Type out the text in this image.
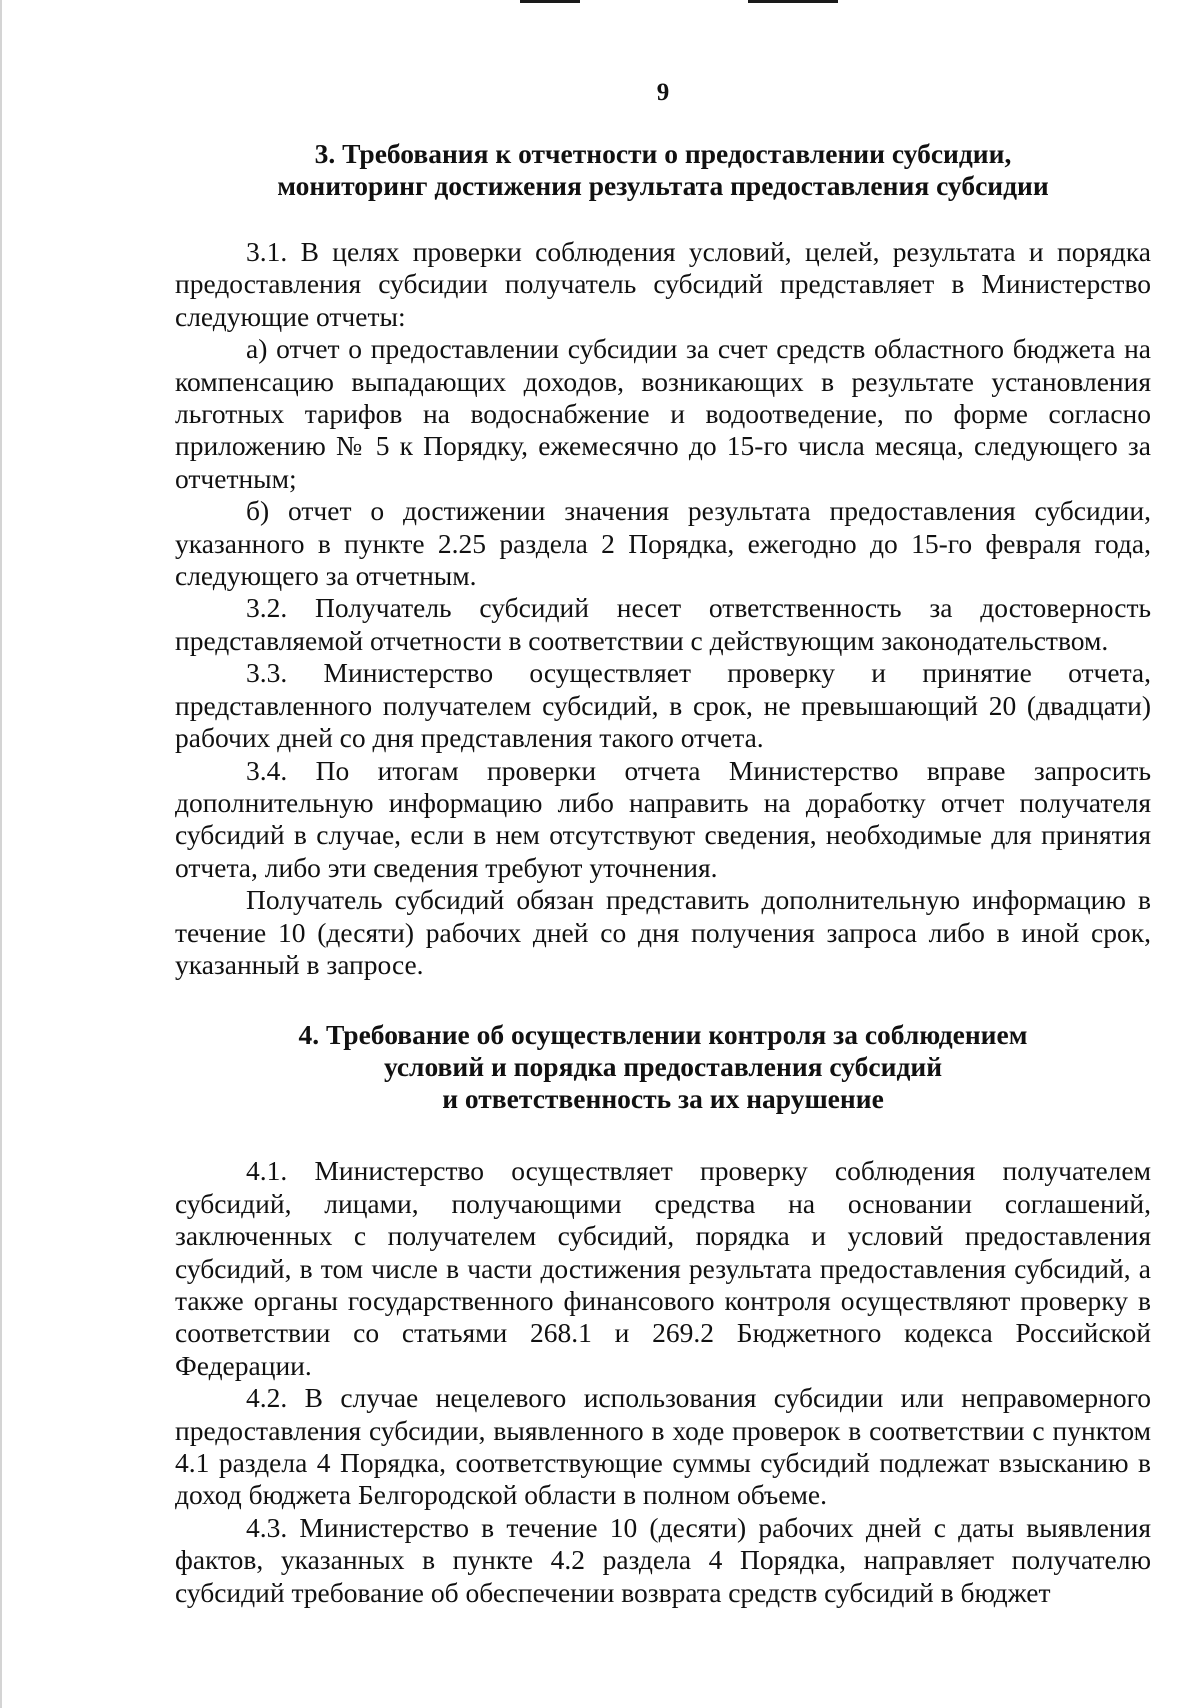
9
3. Требования к отчетности о предоставлении субсидии,
мониторинг достижения результата предоставления субсидии

3.1. В целях проверки соблюдения условий, целей, результата и порядка предоставления субсидии получатель субсидий представляет в Министерство следующие отчеты:

а) отчет о предоставлении субсидии за счет средств областного бюджета на компенсацию выпадающих доходов, возникающих в результате установления льготных тарифов на водоснабжение и водоотведение, по форме согласно приложению № 5 к Порядку, ежемесячно до 15-го числа месяца, следующего за отчетным;

б) отчет о достижении значения результата предоставления субсидии, указанного в пункте 2.25 раздела 2 Порядка, ежегодно до 15-го февраля года, следующего за отчетным.

3.2. Получатель субсидий несет ответственность за достоверность представляемой отчетности в соответствии с действующим законодательством.

3.3. Министерство осуществляет проверку и принятие отчета, представленного получателем субсидий, в срок, не превышающий 20 (двадцати) рабочих дней со дня представления такого отчета.

3.4. По итогам проверки отчета Министерство вправе запросить дополнительную информацию либо направить на доработку отчет получателя субсидий в случае, если в нем отсутствуют сведения, необходимые для принятия отчета, либо эти сведения требуют уточнения.

Получатель субсидий обязан представить дополнительную информацию в течение 10 (десяти) рабочих дней со дня получения запроса либо в иной срок, указанный в запросе.

4. Требование об осуществлении контроля за соблюдением
условий и порядка предоставления субсидий
и ответственность за их нарушение

4.1. Министерство осуществляет проверку соблюдения получателем субсидий, лицами, получающими средства на основании соглашений, заключенных с получателем субсидий, порядка и условий предоставления субсидий, в том числе в части достижения результата предоставления субсидий, а также органы государственного финансового контроля осуществляют проверку в соответствии со статьями 268.1 и 269.2 Бюджетного кодекса Российской Федерации.

4.2. В случае нецелевого использования субсидии или неправомерного предоставления субсидии, выявленного в ходе проверок в соответствии с пунктом 4.1 раздела 4 Порядка, соответствующие суммы субсидий подлежат взысканию в доход бюджета Белгородской области в полном объеме.

4.3. Министерство в течение 10 (десяти) рабочих дней с даты выявления фактов, указанных в пункте 4.2 раздела 4 Порядка, направляет получателю субсидий требование об обеспечении возврата средств субсидий в бюджет
